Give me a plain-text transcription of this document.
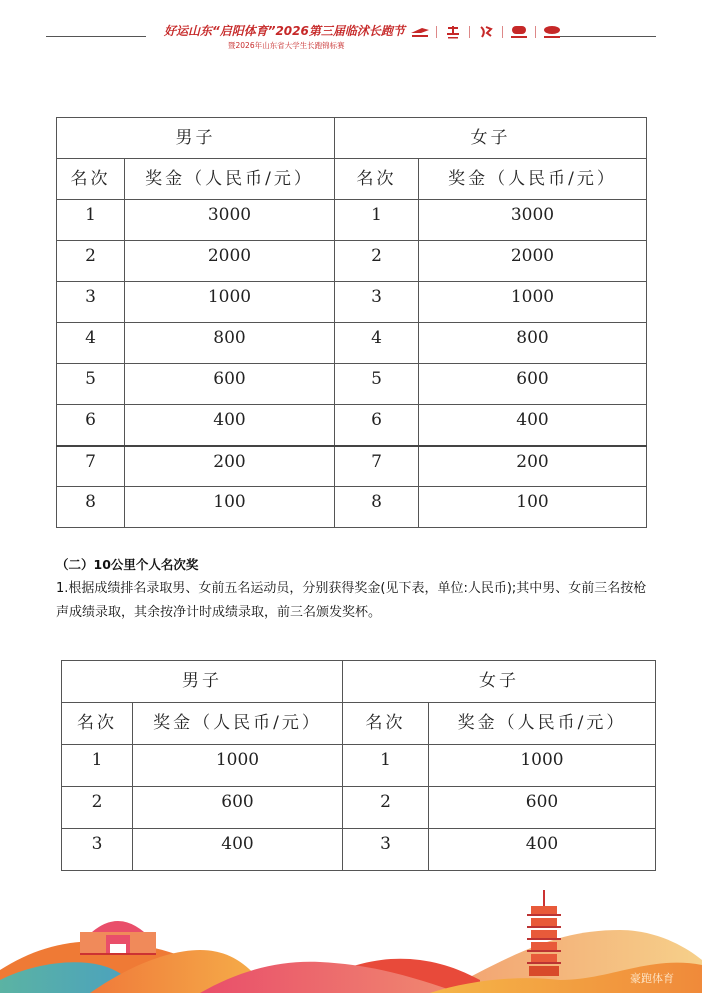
好运山东“启阳体育”2026第三届临沭长跑节
暨2026年山东省大学生长跑锦标赛
男子		女子	
名次	奖金（人民币/元）	名次	奖金（人民币/元）
1	3000	1	3000
2	2000	2	2000
3	1000	3	1000
4	800	4	800
5	600	5	600
6	400	6	400
7	200	7	200
8	100	8	100
（二）10公里个人名次奖
1.根据成绩排名录取男、女前五名运动员，分别获得奖金(见下表，单位:人民币);其中男、女前三名按枪声成绩录取，其余按净计时成绩录取，前三名颁发奖杯。
男子		女子	
名次	奖金（人民币/元）	名次	奖金（人民币/元）
1	1000	1	1000
2	600	2	600
3	400	3	400
豪跑体育
